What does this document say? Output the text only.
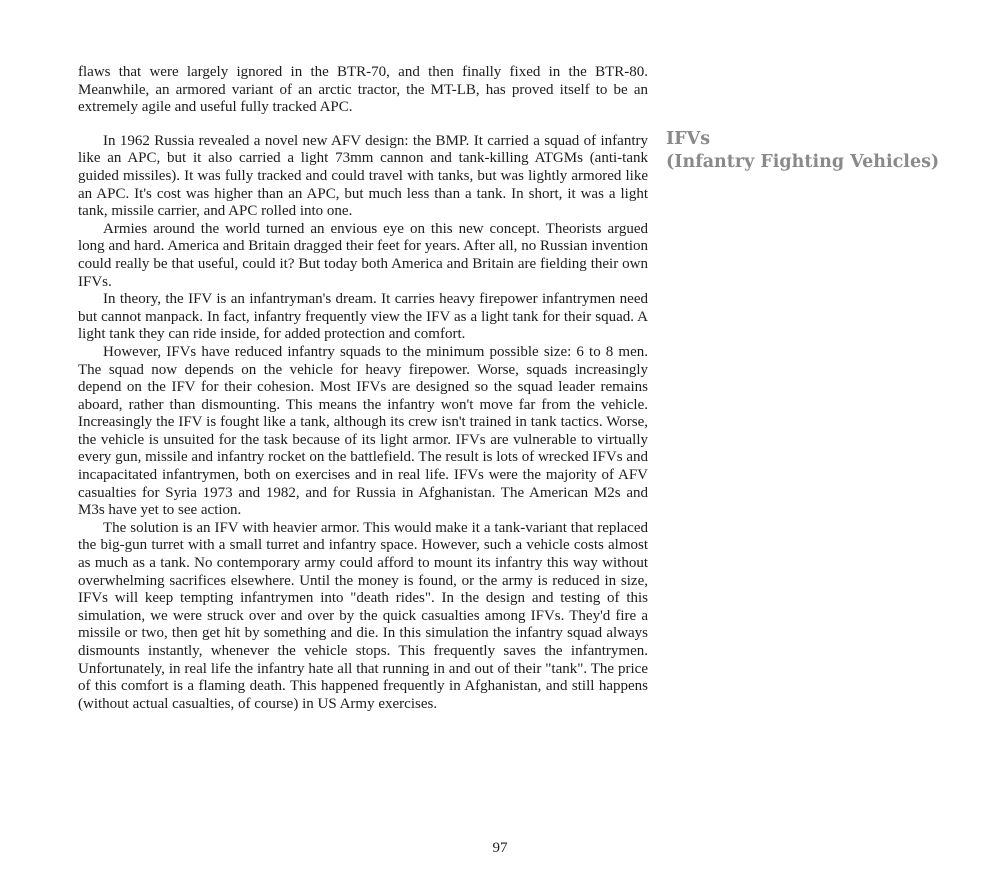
flaws that were largely ignored in the BTR-70, and then finally fixed in the BTR-80. Meanwhile, an armored variant of an arctic tractor, the MT-LB, has proved itself to be an extremely agile and useful fully tracked APC.

In 1962 Russia revealed a novel new AFV design: the BMP. It carried a squad of infantry like an APC, but it also carried a light 73mm cannon and tank-killing ATGMs (anti-tank guided missiles). It was fully tracked and could travel with tanks, but was lightly armored like an APC. It's cost was higher than an APC, but much less than a tank. In short, it was a light tank, missile carrier, and APC rolled into one.

Armies around the world turned an envious eye on this new concept. Theorists argued long and hard. America and Britain dragged their feet for years. After all, no Russian invention could really be that useful, could it? But today both America and Britain are fielding their own IFVs.

In theory, the IFV is an infantryman's dream. It carries heavy firepower infantrymen need but cannot manpack. In fact, infantry frequently view the IFV as a light tank for their squad. A light tank they can ride inside, for added protection and comfort.

However, IFVs have reduced infantry squads to the minimum possible size: 6 to 8 men. The squad now depends on the vehicle for heavy firepower. Worse, squads increasingly depend on the IFV for their cohesion. Most IFVs are designed so the squad leader remains aboard, rather than dismounting. This means the infantry won't move far from the vehicle. Increasingly the IFV is fought like a tank, although its crew isn't trained in tank tactics. Worse, the vehicle is unsuited for the task because of its light armor. IFVs are vulnerable to virtually every gun, missile and infantry rocket on the battlefield. The result is lots of wrecked IFVs and incapacitated infantrymen, both on exercises and in real life. IFVs were the majority of AFV casualties for Syria 1973 and 1982, and for Russia in Afghanistan. The American M2s and M3s have yet to see action.

The solution is an IFV with heavier armor. This would make it a tank-variant that replaced the big-gun turret with a small turret and infantry space. However, such a vehicle costs almost as much as a tank. No contemporary army could afford to mount its infantry this way without overwhelming sacrifices elsewhere. Until the money is found, or the army is reduced in size, IFVs will keep tempting infantrymen into "death rides". In the design and testing of this simulation, we were struck over and over by the quick casualties among IFVs. They'd fire a missile or two, then get hit by something and die. In this simulation the infantry squad always dismounts instantly, whenever the vehicle stops. This frequently saves the infantrymen. Unfortunately, in real life the infantry hate all that running in and out of their "tank". The price of this comfort is a flaming death. This happened frequently in Afghanistan, and still happens (without actual casualties, of course) in US Army exercises.

IFVs
(Infantry Fighting Vehicles)
97
